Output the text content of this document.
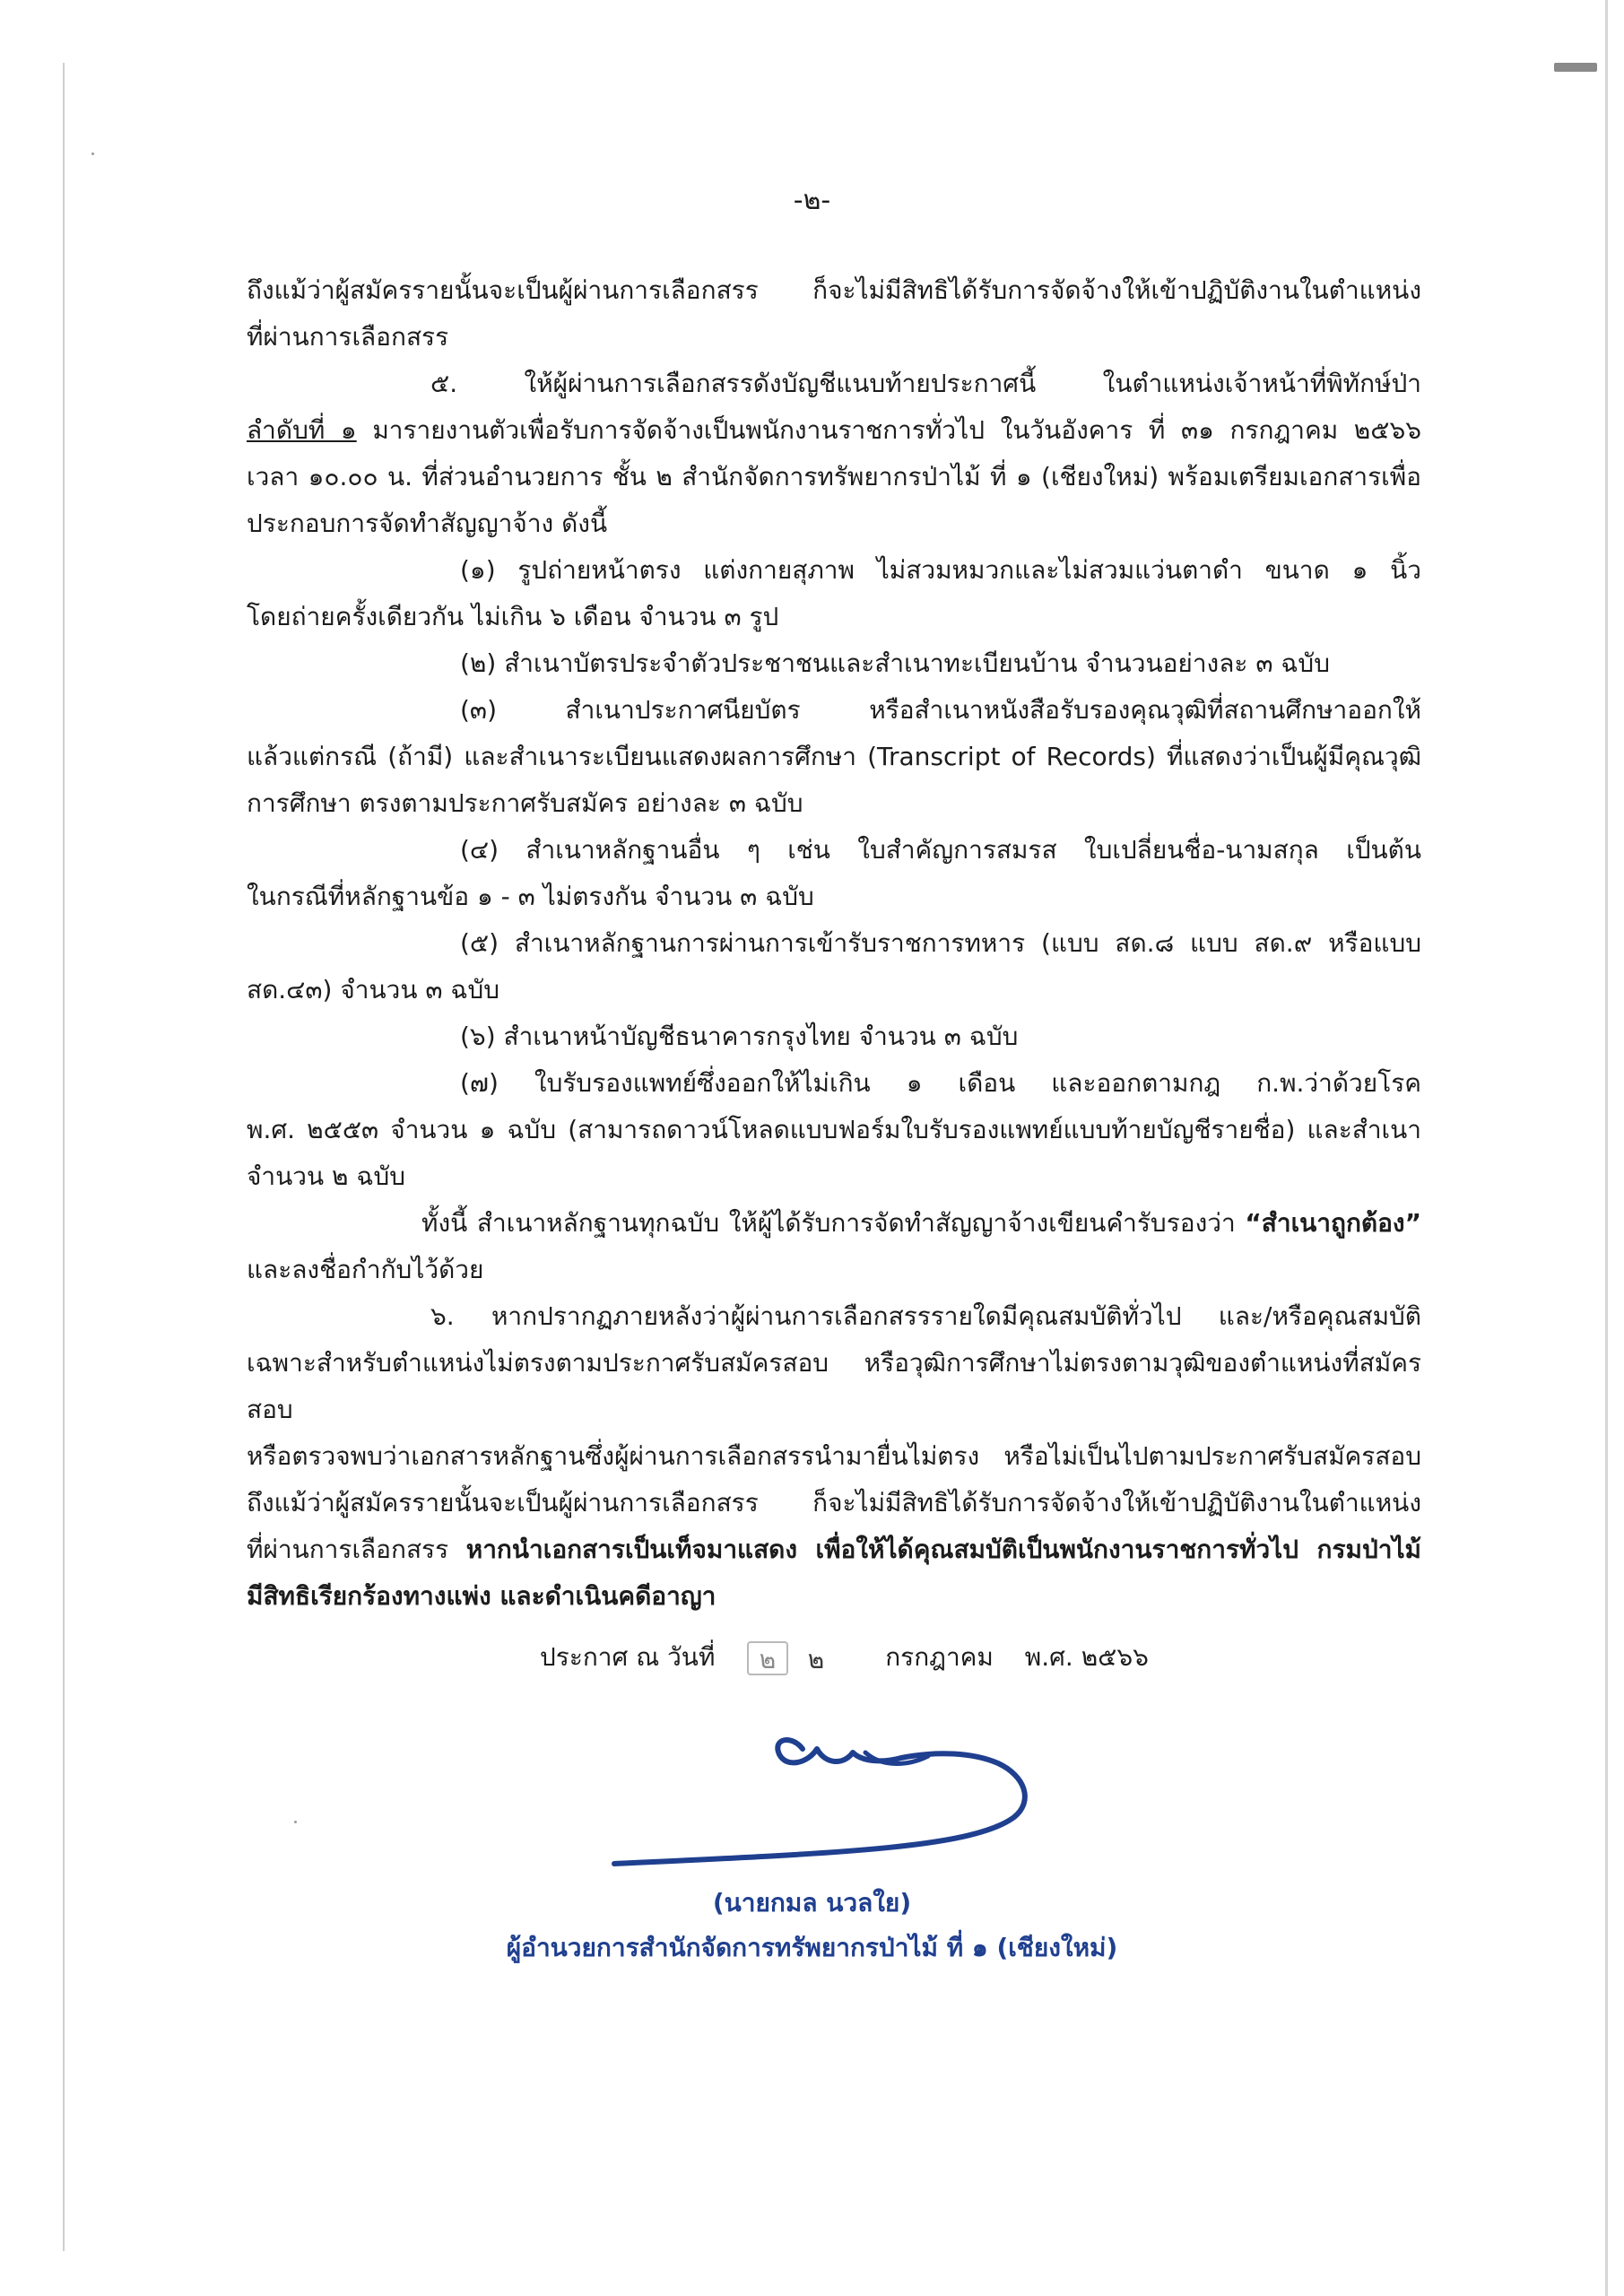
-๒-

ถึงแม้ว่าผู้สมัครรายนั้นจะเป็นผู้ผ่านการเลือกสรร ก็จะไม่มีสิทธิได้รับการจัดจ้างให้เข้าปฏิบัติงานในตำแหน่ง

ที่ผ่านการเลือกสรร

๕. ให้ผู้ผ่านการเลือกสรรดังบัญชีแนบท้ายประกาศนี้ ในตำแหน่งเจ้าหน้าที่พิทักษ์ป่า

ลำดับที่ ๑ มารายงานตัวเพื่อรับการจัดจ้างเป็นพนักงานราชการทั่วไป ในวันอังคาร ที่ ๓๑ กรกฎาคม ๒๕๖๖

เวลา ๑๐.๐๐ น. ที่ส่วนอำนวยการ ชั้น ๒ สำนักจัดการทรัพยากรป่าไม้ ที่ ๑ (เชียงใหม่) พร้อมเตรียมเอกสารเพื่อ

ประกอบการจัดทำสัญญาจ้าง ดังนี้

(๑) รูปถ่ายหน้าตรง แต่งกายสุภาพ ไม่สวมหมวกและไม่สวมแว่นตาดำ ขนาด ๑ นิ้ว

โดยถ่ายครั้งเดียวกัน ไม่เกิน ๖ เดือน จำนวน ๓ รูป

(๒) สำเนาบัตรประจำตัวประชาชนและสำเนาทะเบียนบ้าน จำนวนอย่างละ ๓ ฉบับ

(๓) สำเนาประกาศนียบัตร หรือสำเนาหนังสือรับรองคุณวุฒิที่สถานศึกษาออกให้

แล้วแต่กรณี (ถ้ามี) และสำเนาระเบียนแสดงผลการศึกษา (Transcript of Records) ที่แสดงว่าเป็นผู้มีคุณวุฒิ

การศึกษา ตรงตามประกาศรับสมัคร อย่างละ ๓ ฉบับ

(๔) สำเนาหลักฐานอื่น ๆ เช่น ใบสำคัญการสมรส ใบเปลี่ยนชื่อ-นามสกุล เป็นต้น

ในกรณีที่หลักฐานข้อ ๑ - ๓ ไม่ตรงกัน จำนวน ๓ ฉบับ

(๕) สำเนาหลักฐานการผ่านการเข้ารับราชการทหาร (แบบ สด.๘ แบบ สด.๙ หรือแบบ

สด.๔๓) จำนวน ๓ ฉบับ

(๖) สำเนาหน้าบัญชีธนาคารกรุงไทย จำนวน ๓ ฉบับ

(๗) ใบรับรองแพทย์ซึ่งออกให้ไม่เกิน ๑ เดือน และออกตามกฎ ก.พ.ว่าด้วยโรค

พ.ศ. ๒๕๕๓ จำนวน ๑ ฉบับ (สามารถดาวน์โหลดแบบฟอร์มใบรับรองแพทย์แบบท้ายบัญชีรายชื่อ) และสำเนา

จำนวน ๒ ฉบับ

ทั้งนี้ สำเนาหลักฐานทุกฉบับ ให้ผู้ได้รับการจัดทำสัญญาจ้างเขียนคำรับรองว่า “สำเนาถูกต้อง”

และลงชื่อกำกับไว้ด้วย

๖. หากปรากฏภายหลังว่าผู้ผ่านการเลือกสรรรายใดมีคุณสมบัติทั่วไป และ/หรือคุณสมบัติ

เฉพาะสำหรับตำแหน่งไม่ตรงตามประกาศรับสมัครสอบ หรือวุฒิการศึกษาไม่ตรงตามวุฒิของตำแหน่งที่สมัครสอบ

หรือตรวจพบว่าเอกสารหลักฐานซึ่งผู้ผ่านการเลือกสรรนำมายื่นไม่ตรง หรือไม่เป็นไปตามประกาศรับสมัครสอบ

ถึงแม้ว่าผู้สมัครรายนั้นจะเป็นผู้ผ่านการเลือกสรร ก็จะไม่มีสิทธิได้รับการจัดจ้างให้เข้าปฏิบัติงานในตำแหน่ง

ที่ผ่านการเลือกสรร หากนำเอกสารเป็นเท็จมาแสดง เพื่อให้ได้คุณสมบัติเป็นพนักงานราชการทั่วไป กรมป่าไม้

มีสิทธิเรียกร้องทางแพ่ง และดำเนินคดีอาญา

ประกาศ ณ วันที่ ๒ ๒ กรกฎาคม พ.ศ. ๒๕๖๖
(นายกมล นวลใย)
ผู้อำนวยการสำนักจัดการทรัพยากรป่าไม้ ที่ ๑ (เชียงใหม่)
